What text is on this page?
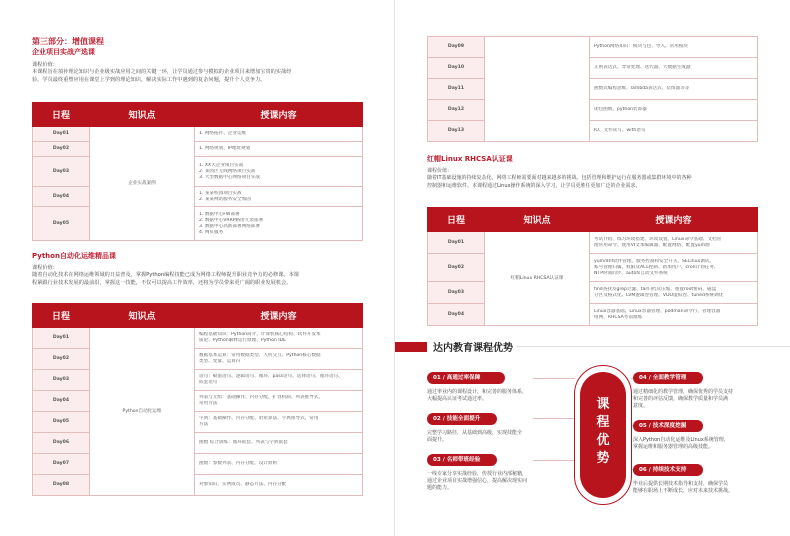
第三部分：增值课程
企业项目实战产选课
课程价值：
本课程旨在填补理论知识与企业级实战应用之间的关键一环，让学员通过参与模拟的企业项目来增加宝贵的实战经
验。学员最终重塑应用在课堂上学到的理论知识，解决实际工作中遇到的复杂问题，提升个人竞争力。
日程	知识点	授课内容
Day01	企业实战案例	1. 网络拓扑、企业运维

Day02		1. 网络规划、IP地址规划

Day03		1. XX大企业项目实战
2. 某园区无线网络项目实战
3. 大型数据中心网络项目实战

Day04		1. 某某校园项目实战
2. 某某网站服务安全加固

Day05		1. 数据中心FW部署
2. 数据中心VRRP路由冗余部署
3. 数据中心高新部署网络部署
4. 网页服务
Python自动化运维精品课
课程价值：
随着自动化技术在网络运维领域的日益普及，掌握Python编程技能已成为网络工程师提升职业竞争力的必修课。本课
程紧跟行业技术发展的最前沿，掌握这一技能，不仅可以提高工作效率，还将为学员带来更广阔的职业发展机会。
日程	知识点	授课内容
Day01	Python自动化运维	编程基础知识：Python简介、计算机核心结构、软件开发本
质论、Python解释运行原理、Python IDE

Day02		数据基本运算：常用数据类型、人机交互、Python核心数据
类型、变量、运算符

Day03		语句：赋值语句、逻辑语句、循环、pass语句、选择语句、循环语句、
嵌套语句

Day04		列表与元组：基础操作、内存分配、扩容机制、列表推导式、
常用方法

Day05		字典：基础操作、内存分配、哈希算法、字典推导式、常用
方法

Day06		函数 综合训练：循环嵌套、列表与字典嵌套

Day07		函数：参数列表、内存分配、设计原则

Day08		对象知识、实例成员、静态方法、内存分配
Day09		Python网络知识：模块与包、导入、常用模块

Day10		正则表达式、异常处理、迭代器、大数据生成器

Day11		函数式编程思维、lambda表达式、装饰器等等

Day12		闭包函数、python装饰器

Day13		IO、文件读写、with语句
红帽Linux RHCSA认证课
课程价值：
随着IT基础设施的持续复杂化，网络工程师需要面对越来越多的挑战。包括管理和维护运行在服务器或集群环境中的各种
控制器和运维软件。本课程通过Linux操作系统的深入学习，让学员更胜任更加广泛的企业需求。
日程	知识点	授课内容
Day01	红帽Linux RHCSA认证课	考试介绍、练习环境搭建、环境设置、Linux命令基础、文档管
理常用命令、使用VI文本编辑器、配置网络、配置yum源

Day02		yum/dnf软件管理、服务控制和安全开关、SELinux调试、
账号管理归属、权限及ACL控制、新加用户、cron计划任务、
NTP时间同步、autofs自动文件系统

Day03		find查找及grep过滤、tar归档及压缩、重置root密码、磁盘
分区及格式化、LVM逻辑卷管理、VDO虚拟卷、tuned系统调优

Day04		Linux容器基础、Linux容器管理、podman命令行、管理容器
组网、RHCSA考前演练
达内教育课程优势
课程优势
01 / 高通过率保障
通过率业内的课程设计，和完善的服务体系，
大幅提高认证考试通过率。
02 / 技能全面提升
完整学习路径，从基础到高级，实现技能全
面提升。
03 / 名师带班经验
一线专家分享实战经验，传授行业内部秘籍，
通过企业项目实战增强信心，提高解决现实问
题的能力。
04 / 全面教学管理
通过精细化的教学管理，确保优秀的学员支持
和完善的评估反馈，确保教学质量和学员满
意度。
05 / 技术深度挖掘
深入Python自动化运维及Linux系统管理，
掌握运维和服务器管理的高级技能。
06 / 持续技术支持
毕业后提供长期技术指导和支持，确保学员
能够在职场上不断成长，应对未来技术挑战。
